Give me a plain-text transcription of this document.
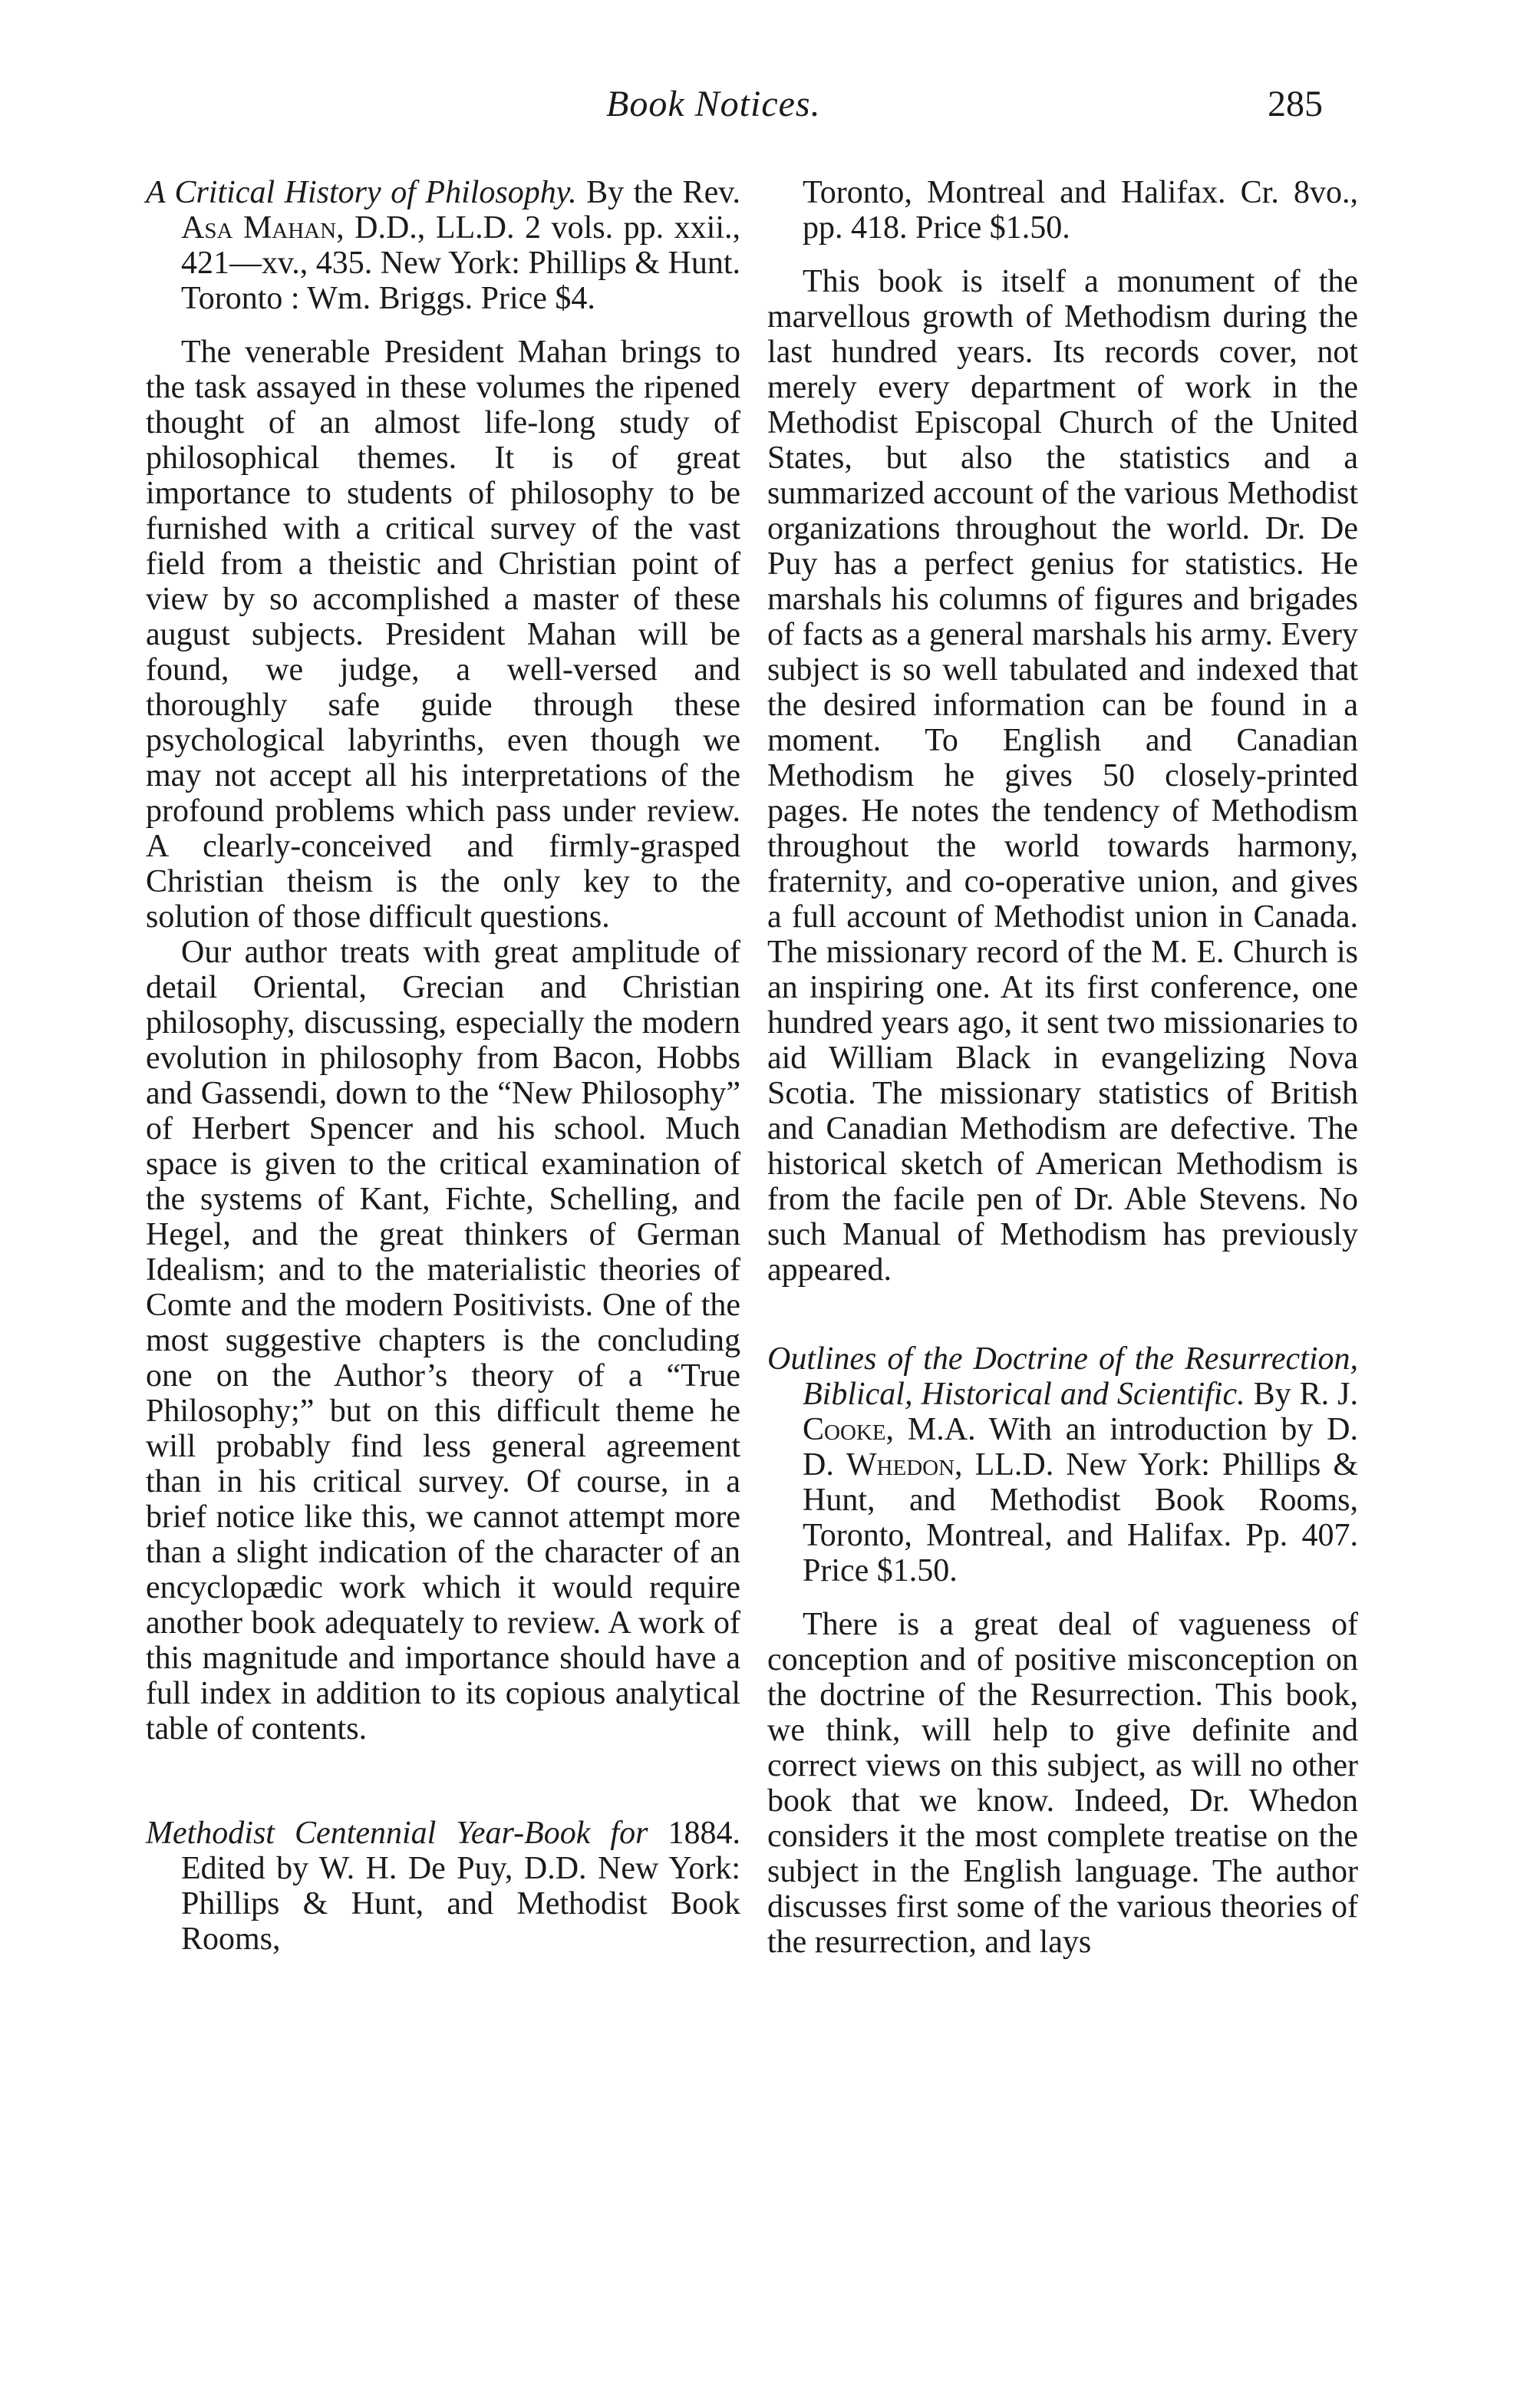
Book Notices.	285

A Critical History of Philosophy. By the Rev. Asa Mahan, D.D., LL.D. 2 vols. pp. xxii., 421—xv., 435. New York: Phillips & Hunt. Toronto : Wm. Briggs. Price $4.

The venerable President Mahan brings to the task assayed in these volumes the ripened thought of an almost life-long study of philosophical themes. It is of great importance to students of philosophy to be furnished with a critical survey of the vast field from a theistic and Christian point of view by so accomplished a master of these august subjects. President Mahan will be found, we judge, a well-versed and thoroughly safe guide through these psychological labyrinths, even though we may not accept all his interpretations of the profound problems which pass under review. A clearly-conceived and firmly-grasped Christian theism is the only key to the solution of those difficult questions.

Our author treats with great amplitude of detail Oriental, Grecian and Christian philosophy, discussing, especially the modern evolution in philosophy from Bacon, Hobbs and Gassendi, down to the “New Philosophy” of Herbert Spencer and his school. Much space is given to the critical examination of the systems of Kant, Fichte, Schelling, and Hegel, and the great thinkers of German Idealism; and to the materialistic theories of Comte and the modern Positivists. One of the most suggestive chapters is the concluding one on the Author’s theory of a “True Philosophy;” but on this difficult theme he will probably find less general agreement than in his critical survey. Of course, in a brief notice like this, we cannot attempt more than a slight indication of the character of an encyclopædic work which it would require another book adequately to review. A work of this magnitude and importance should have a full index in addition to its copious analytical table of contents.

Methodist Centennial Year-Book for 1884. Edited by W. H. De Puy, D.D. New York: Phillips & Hunt, and Methodist Book Rooms,

Toronto, Montreal and Halifax. Cr. 8vo., pp. 418. Price $1.50.

This book is itself a monument of the marvellous growth of Methodism during the last hundred years. Its records cover, not merely every department of work in the Methodist Episcopal Church of the United States, but also the statistics and a summarized account of the various Methodist organizations throughout the world. Dr. De Puy has a perfect genius for statistics. He marshals his columns of figures and brigades of facts as a general marshals his army. Every subject is so well tabulated and indexed that the desired information can be found in a moment. To English and Canadian Methodism he gives 50 closely-printed pages. He notes the tendency of Methodism throughout the world towards harmony, fraternity, and co-operative union, and gives a full account of Methodist union in Canada. The missionary record of the M. E. Church is an inspiring one. At its first conference, one hundred years ago, it sent two missionaries to aid William Black in evangelizing Nova Scotia. The missionary statistics of British and Canadian Methodism are defective. The historical sketch of American Methodism is from the facile pen of Dr. Able Stevens. No such Manual of Methodism has previously appeared.

Outlines of the Doctrine of the Resurrection, Biblical, Historical and Scientific. By R. J. Cooke, M.A. With an introduction by D. D. Whedon, LL.D. New York: Phillips & Hunt, and Methodist Book Rooms, Toronto, Montreal, and Halifax. Pp. 407. Price $1.50.

There is a great deal of vagueness of conception and of positive misconception on the doctrine of the Resurrection. This book, we think, will help to give definite and correct views on this subject, as will no other book that we know. Indeed, Dr. Whedon considers it the most complete treatise on the subject in the English language. The author discusses first some of the various theories of the resurrection, and lays
